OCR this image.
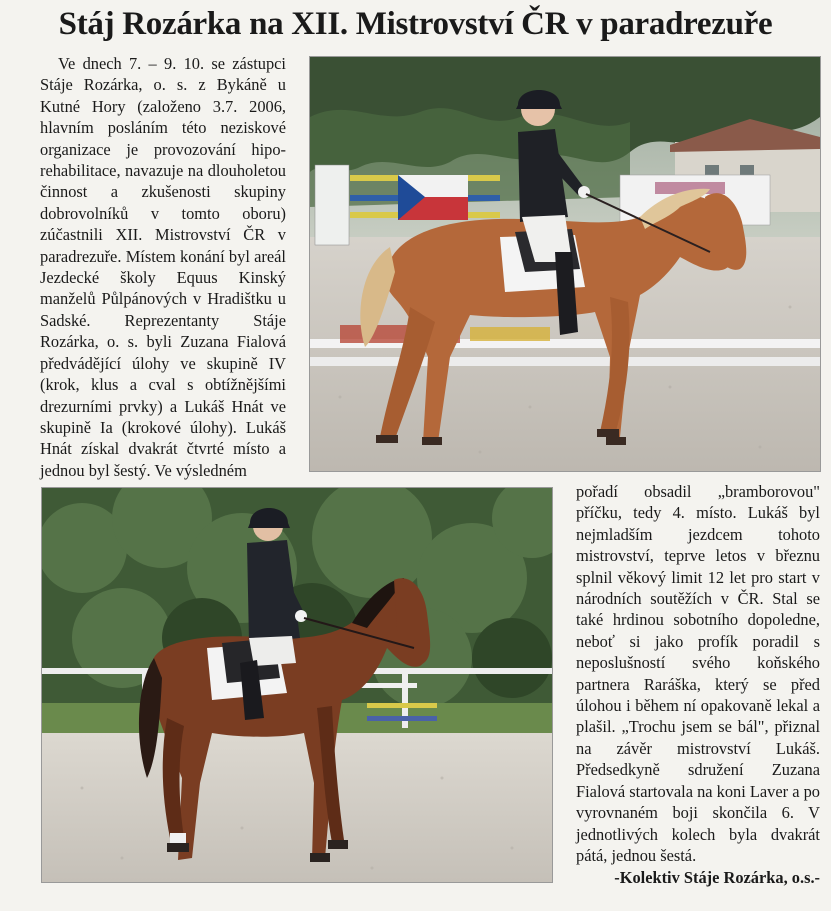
Stáj Rozárka na XII. Mistrovství ČR v paradrezuře

Ve dnech 7. – 9. 10. se zástupci Stáje Rozárka, o. s. z Bykáně u Kutné Hory (založeno 3.7. 2006, hlavním posláním této neziskové organizace je provozování hipo-rehabilitace, navazuje na dlouholetou činnost a zkušenosti skupiny dobrovolníků v tomto oboru) zúčastnili XII. Mistrovství ČR v paradrezuře. Místem konání byl areál Jezdecké školy Equus Kinský manželů Půlpánových v Hradištku u Sadské. Reprezentanty Stáje Rozárka, o. s. byli Zuzana Fialová předvádějící úlohy ve skupině IV (krok, klus a cval s obtížnějšími drezurními prvky) a Lukáš Hnát ve skupině Ia (krokové úlohy). Lukáš Hnát získal dvakrát čtvrté místo a jednou byl šestý. Ve výsledném

pořadí obsadil „bramborovou" příčku, tedy 4. místo. Lukáš byl nejmladším jezdcem tohoto mistrovství, teprve letos v březnu splnil věkový limit 12 let pro start v národních soutěžích v ČR. Stal se také hrdinou sobotního dopoledne, neboť si jako profík poradil s neposlušností svého koňského partnera Raráška, který se před úlohou i během ní opakovaně lekal a plašil. „Trochu jsem se bál", přiznal na závěr mistrovství Lukáš. Předsedkyně sdružení Zuzana Fialová startovala na koni Laver a po vyrovnaném boji skončila 6. V jednotlivých kolech byla dvakrát pátá, jednou šestá.

-Kolektiv Stáje Rozárka, o.s.-
